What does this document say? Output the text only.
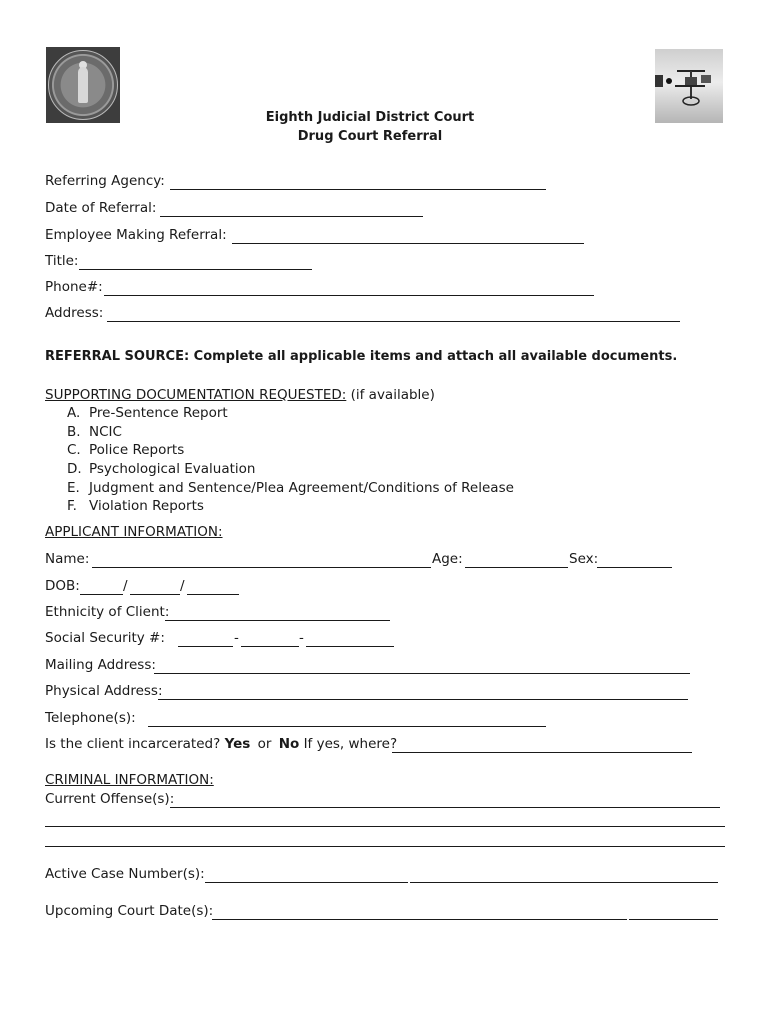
Eighth Judicial District Court
Drug Court Referral
Referring Agency:
Date of Referral:
Employee Making Referral:
Title:
Phone#:
Address:
REFERRAL SOURCE: Complete all applicable items and attach all available documents.
SUPPORTING DOCUMENTATION REQUESTED: (if available)
A. Pre-Sentence Report
B. NCIC
C. Police Reports
D. Psychological Evaluation
E. Judgment and Sentence/Plea Agreement/Conditions of Release
F. Violation Reports
APPLICANT INFORMATION:
Name:	Age:	Sex:
DOB:	/	/
Ethnicity of Client:
Social Security #:	-	-
Mailing Address:
Physical Address:
Telephone(s):
Is the client incarcerated? Yes or No If yes, where?
CRIMINAL INFORMATION:
Current Offense(s):
Active Case Number(s):
Upcoming Court Date(s):
